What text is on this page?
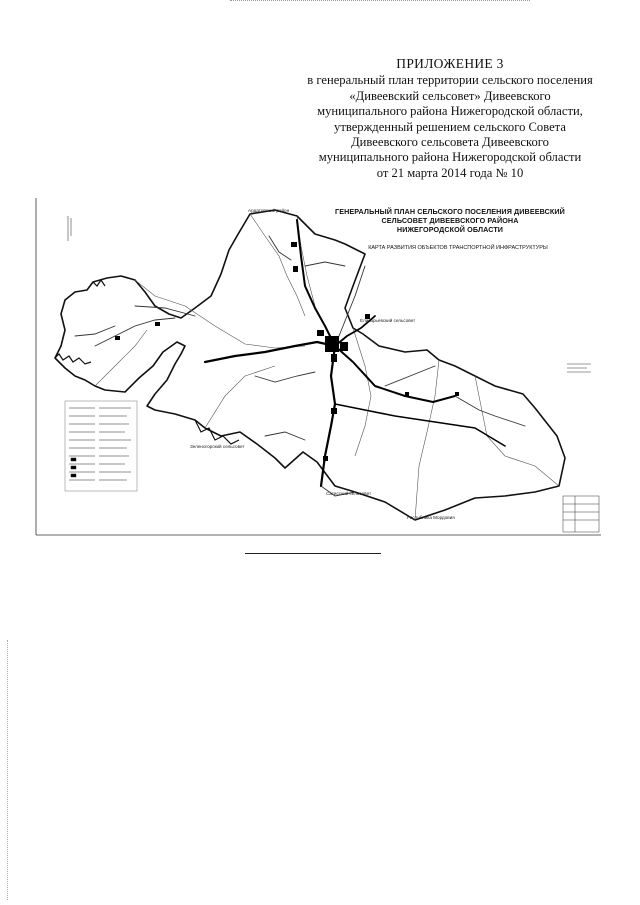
ПРИЛОЖЕНИЕ 3
в генеральный план территории сельского поселения
«Дивеевский сельсовет» Дивеевского
муниципального района Нижегородской области,
утвержденный решением сельского Совета
Дивеевского сельсовета Дивеевского
муниципального района Нижегородской области
от 21 марта 2014 года № 10
ГЕНЕРАЛЬНЫЙ ПЛАН СЕЛЬСКОГО ПОСЕЛЕНИЯ ДИВЕЕВСКИЙ
СЕЛЬСОВЕТ ДИВЕЕВСКОГО РАЙОНА
НИЖЕГОРОДСКОЙ ОБЛАСТИ
КАРТА РАЗВИТИЯ ОБЪЕКТОВ ТРАНСПОРТНОЙ ИНФРАСТРУКТУРЫ
Ардатовский район
Елизарьевский сельсовет
Зеленогорский сельсовет
Сатисский сельсовет
Республика Мордовия
